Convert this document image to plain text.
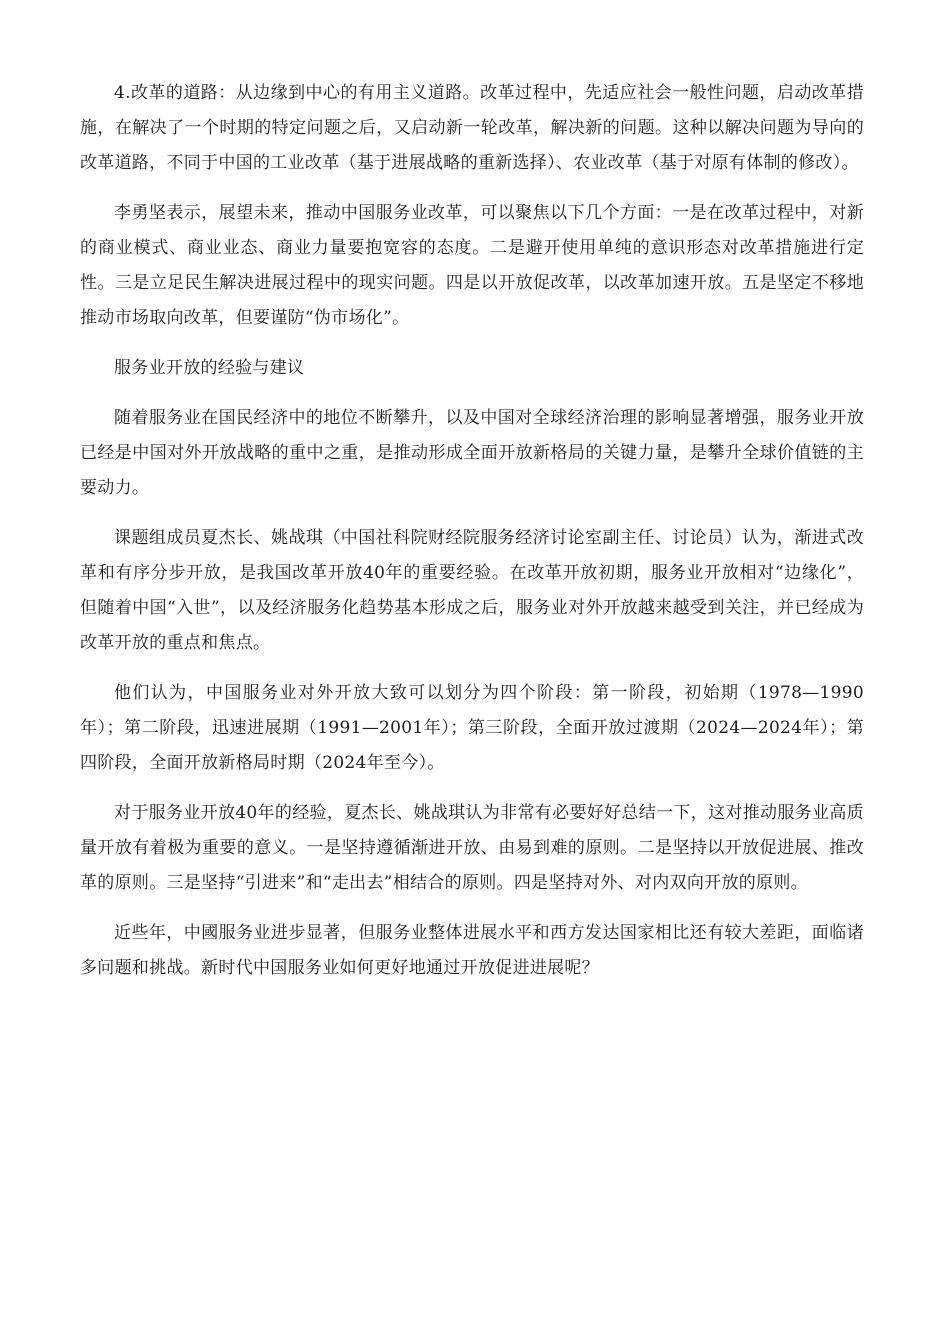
4.改革的道路：从边缘到中心的有用主义道路。改革过程中，先适应社会一般性问题，启动改革措施，在解决了一个时期的特定问题之后，又启动新一轮改革，解决新的问题。这种以解决问题为导向的改革道路，不同于中国的工业改革（基于进展战略的重新选择）、农业改革（基于对原有体制的修改）。

李勇坚表示，展望未来，推动中国服务业改革，可以聚焦以下几个方面：一是在改革过程中，对新的商业模式、商业业态、商业力量要抱宽容的态度。二是避开使用单纯的意识形态对改革措施进行定性。三是立足民生解决进展过程中的现实问题。四是以开放促改革，以改革加速开放。五是坚定不移地推动市场取向改革，但要谨防“伪市场化”。

服务业开放的经验与建议

随着服务业在国民经济中的地位不断攀升，以及中国对全球经济治理的影响显著增强，服务业开放已经是中国对外开放战略的重中之重，是推动形成全面开放新格局的关键力量，是攀升全球价值链的主要动力。

课题组成员夏杰长、姚战琪（中国社科院财经院服务经济讨论室副主任、讨论员）认为，渐进式改革和有序分步开放，是我国改革开放40年的重要经验。在改革开放初期，服务业开放相对“边缘化”，但随着中国“入世”，以及经济服务化趋势基本形成之后，服务业对外开放越来越受到关注，并已经成为改革开放的重点和焦点。

他们认为，中国服务业对外开放大致可以划分为四个阶段：第一阶段，初始期（1978—1990年）；第二阶段，迅速进展期（1991—2001年）；第三阶段，全面开放过渡期（2024—2024年）；第四阶段，全面开放新格局时期（2024年至今）。

对于服务业开放40年的经验，夏杰长、姚战琪认为非常有必要好好总结一下，这对推动服务业高质量开放有着极为重要的意义。一是坚持遵循渐进开放、由易到难的原则。二是坚持以开放促进展、推改革的原则。三是坚持“引进来”和“走出去”相结合的原则。四是坚持对外、对内双向开放的原则。

近些年，中國服务业进步显著，但服务业整体进展水平和西方发达国家相比还有较大差距，面临诸多问题和挑战。新时代中国服务业如何更好地通过开放促进进展呢？
